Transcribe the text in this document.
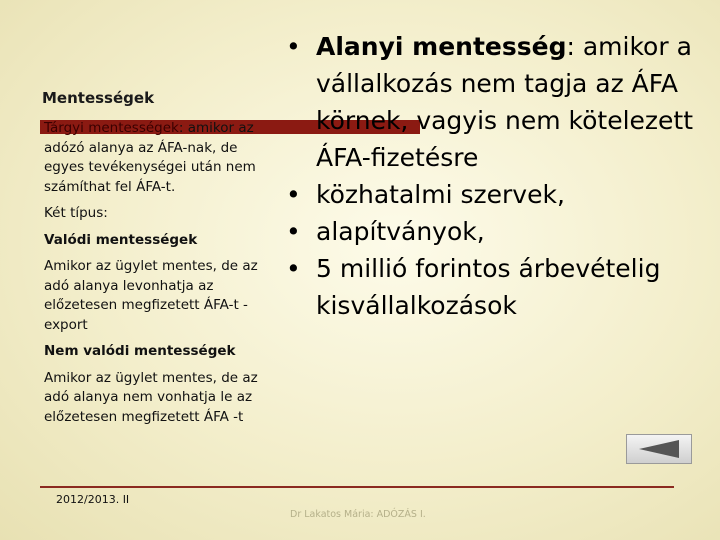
Mentességek

Tárgyi mentességek: amikor az adózó alanya az ÁFA-nak, de egyes tevékenységei után nem számíthat fel ÁFA-t.

Két típus:

Valódi mentességek

Amikor az ügylet mentes, de az adó alanya levonhatja az előzetesen megfizetett ÁFA-t - export

Nem valódi mentességek

Amikor az ügylet mentes, de az adó alanya nem vonhatja le az előzetesen megfizetett ÁFA -t

• Alanyi mentesség: amikor a vállalkozás nem tagja az ÁFA körnek, vagyis nem kötelezett ÁFA-fizetésre
• közhatalmi szervek,
• alapítványok,
• 5 millió forintos árbevételig kisvállalkozások
2012/2013. II
Dr Lakatos Mária: ADÓZÁS I.
